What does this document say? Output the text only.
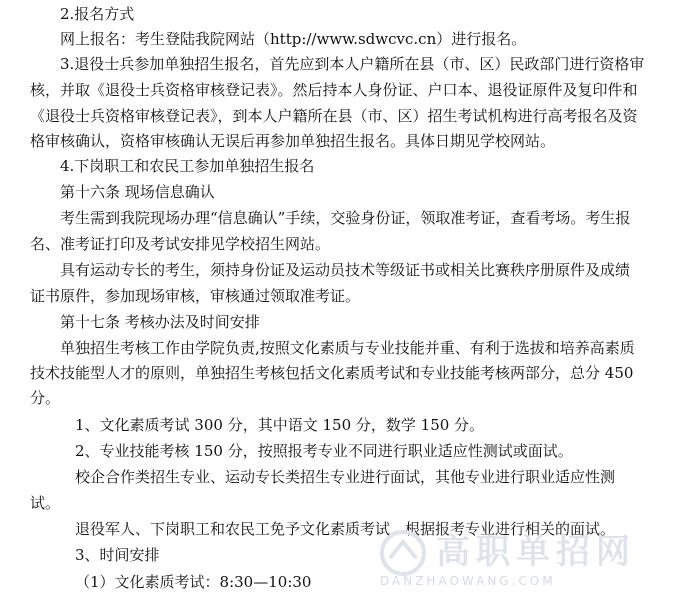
2.报名方式
网上报名：考生登陆我院网站（http://www.sdwcvc.cn）进行报名。
3.退役士兵参加单独招生报名，首先应到本人户籍所在县（市、区）民政部门进行资格审
核，并取《退役士兵资格审核登记表》。然后持本人身份证、户口本、退役证原件及复印件和
《退役士兵资格审核登记表》，到本人户籍所在县（市、区）招生考试机构进行高考报名及资
格审核确认，资格审核确认无误后再参加单独招生报名。具体日期见学校网站。
4.下岗职工和农民工参加单独招生报名
第十六条 现场信息确认
考生需到我院现场办理“信息确认”手续，交验身份证，领取准考证，查看考场。考生报
名、准考证打印及考试安排见学校招生网站。
具有运动专长的考生，须持身份证及运动员技术等级证书或相关比赛秩序册原件及成绩
证书原件，参加现场审核，审核通过领取准考证。
第十七条 考核办法及时间安排
单独招生考核工作由学院负责,按照文化素质与专业技能并重、有利于选拔和培养高素质
技术技能型人才的原则，单独招生考核包括文化素质考试和专业技能考核两部分，总分 450
分。
1、文化素质考试 300 分，其中语文 150 分，数学 150 分。
2、专业技能考核 150 分，按照报考专业不同进行职业适应性测试或面试。
校企合作类招生专业、运动专长类招生专业进行面试，其他专业进行职业适应性测
试。
退役军人、下岗职工和农民工免予文化素质考试，根据报考专业进行相关的面试。
3、时间安排
（1）文化素质考试：8:30—10:30
高职单招网
DANZHAOWANG.COM
